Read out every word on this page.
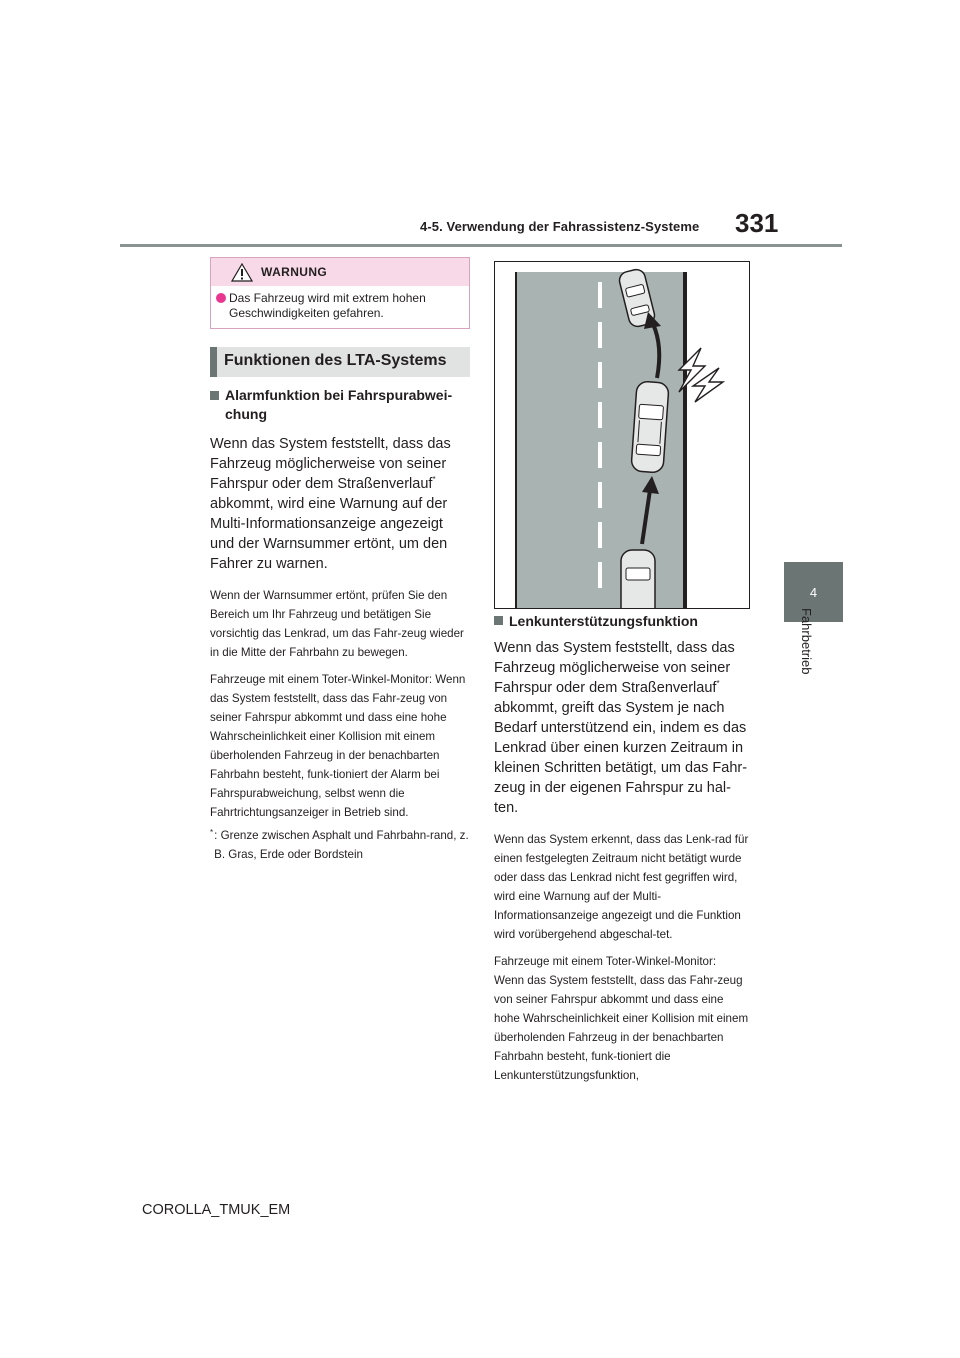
4-5. Verwendung der Fahrassistenz-Systeme 331
4
Fahrbetrieb
WARNUNG
Das Fahrzeug wird mit extrem hohen Geschwindigkeiten gefahren.
Funktionen des LTA-Systems
Alarmfunktion bei Fahrspurabwei-chung

Wenn das System feststellt, dass das Fahrzeug möglicherweise von seiner Fahrspur oder dem Straßenverlauf* abkommt, wird eine Warnung auf der Multi-Informationsanzeige angezeigt und der Warnsummer ertönt, um den Fahrer zu warnen.

Wenn der Warnsummer ertönt, prüfen Sie den Bereich um Ihr Fahrzeug und betätigen Sie vorsichtig das Lenkrad, um das Fahr-zeug wieder in die Mitte der Fahrbahn zu bewegen.

Fahrzeuge mit einem Toter-Winkel-Monitor: Wenn das System feststellt, dass das Fahr-zeug von seiner Fahrspur abkommt und dass eine hohe Wahrscheinlichkeit einer Kollision mit einem überholenden Fahrzeug in der benachbarten Fahrbahn besteht, funk-tioniert der Alarm bei Fahrspurabweichung, selbst wenn die Fahrtrichtungsanzeiger in Betrieb sind.

* : Grenze zwischen Asphalt und Fahrbahn-rand, z. B. Gras, Erde oder Bordstein
Lenkunterstützungsfunktion

Wenn das System feststellt, dass das Fahrzeug möglicherweise von seiner Fahrspur oder dem Straßenverlauf* abkommt, greift das System je nach Bedarf unterstützend ein, indem es das Lenkrad über einen kurzen Zeitraum in kleinen Schritten betätigt, um das Fahr-zeug in der eigenen Fahrspur zu hal-ten.

Wenn das System erkennt, dass das Lenk-rad für einen festgelegten Zeitraum nicht betätigt wurde oder dass das Lenkrad nicht fest gegriffen wird, wird eine Warnung auf der Multi-Informationsanzeige angezeigt und die Funktion wird vorübergehend abgeschal-tet.

Fahrzeuge mit einem Toter-Winkel-Monitor: Wenn das System feststellt, dass das Fahr-zeug von seiner Fahrspur abkommt und dass eine hohe Wahrscheinlichkeit einer Kollision mit einem überholenden Fahrzeug in der benachbarten Fahrbahn besteht, funk-tioniert die Lenkunterstützungsfunktion,

COROLLA_TMUK_EM
